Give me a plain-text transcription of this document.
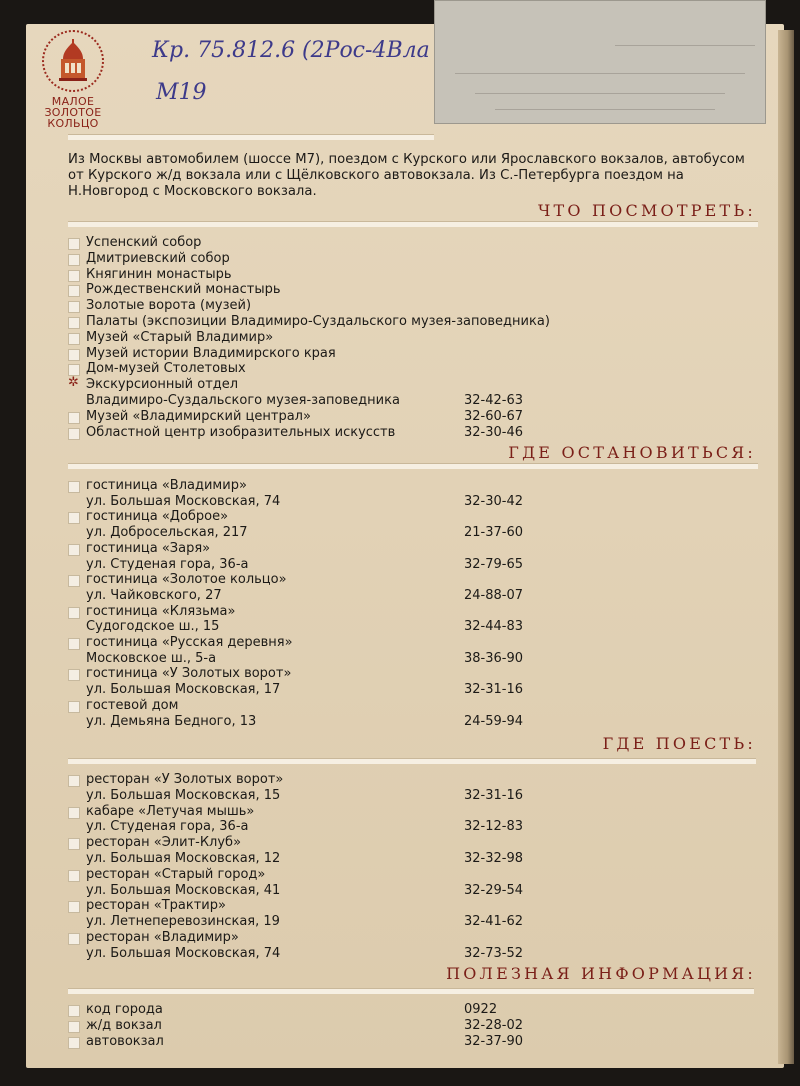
Кр. 75.812.6 (2Рос-4Вла
М19
МАЛОЕ
ЗОЛОТОЕ
КОЛЬЦО
Из Москвы автомобилем (шоссе М7), поездом с Курского или Ярославского вокзалов, автобусом от Курского ж/д вокзала или с Щёлковского автовокзала. Из С.-Петербурга поездом на Н.Новгород с Московского вокзала.
ЧТО ПОСМОТРЕТЬ:
ГДЕ ОСТАНОВИТЬСЯ:
ГДЕ ПОЕСТЬ:
ПОЛЕЗНАЯ ИНФОРМАЦИЯ:
Успенский собор
Дмитриевский собор
Княгинин монастырь
Рождественский монастырь
Золотые ворота (музей)
Палаты (экспозиции Владимиро-Суздальского музея-заповедника)
Музей «Старый Владимир»
Музей истории Владимирского края
Дом-музей Столетовых
✲ Экскурсионный отдел
Владимиро-Суздальского музея-заповедника	32-42-63
Музей «Владимирский централ»	32-60-67
Областной центр изобразительных искусств	32-30-46
гостиница «Владимир»
ул. Большая Московская, 74	32-30-42
гостиница «Доброе»
ул. Добросельская, 217	21-37-60
гостиница «Заря»
ул. Студеная гора, 36-а	32-79-65
гостиница «Золотое кольцо»
ул. Чайковского, 27	24-88-07
гостиница «Клязьма»
Судогодское ш., 15	32-44-83
гостиница «Русская деревня»
Московское ш., 5-а	38-36-90
гостиница «У Золотых ворот»
ул. Большая Московская, 17	32-31-16
гостевой дом
ул. Демьяна Бедного, 13	24-59-94
ресторан «У Золотых ворот»
ул. Большая Московская, 15	32-31-16
кабаре «Летучая мышь»
ул. Студеная гора, 36-а	32-12-83
ресторан «Элит-Клуб»
ул. Большая Московская, 12	32-32-98
ресторан «Старый город»
ул. Большая Московская, 41	32-29-54
ресторан «Трактир»
ул. Летнеперевозинская, 19	32-41-62
ресторан «Владимир»
ул. Большая Московская, 74	32-73-52
код города	0922
ж/д вокзал	32-28-02
автовокзал	32-37-90
